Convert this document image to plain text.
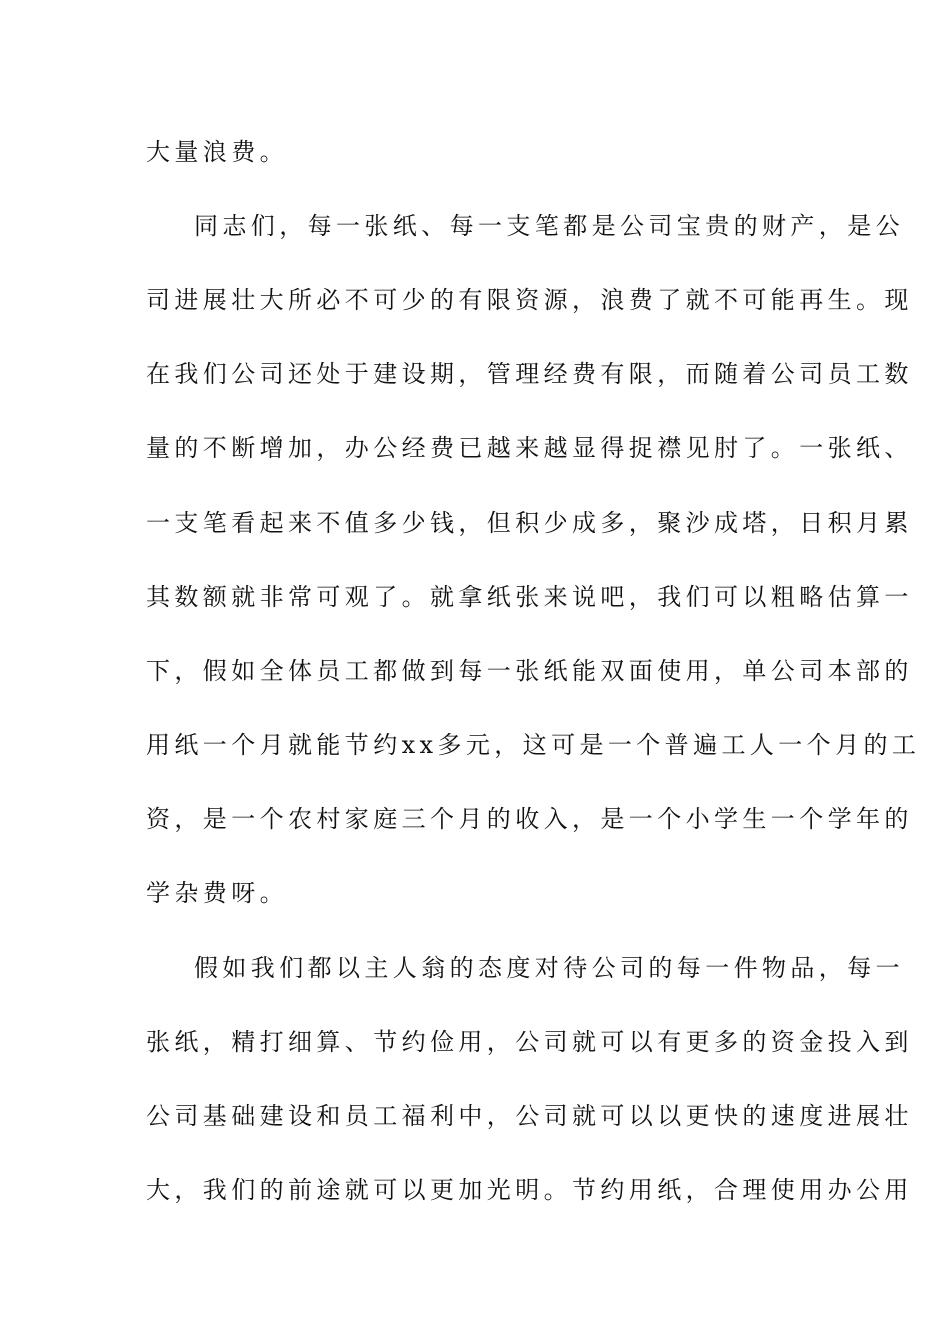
大量浪费。
同志们，每一张纸、每一支笔都是公司宝贵的财产，是公
司进展壮大所必不可少的有限资源，浪费了就不可能再生。现
在我们公司还处于建设期，管理经费有限，而随着公司员工数
量的不断增加，办公经费已越来越显得捉襟见肘了。一张纸、
一支笔看起来不值多少钱，但积少成多，聚沙成塔，日积月累
其数额就非常可观了。就拿纸张来说吧，我们可以粗略估算一
下，假如全体员工都做到每一张纸能双面使用，单公司本部的
用纸一个月就能节约xx多元，这可是一个普遍工人一个月的工
资，是一个农村家庭三个月的收入，是一个小学生一个学年的
学杂费呀。
假如我们都以主人翁的态度对待公司的每一件物品，每一
张纸，精打细算、节约俭用，公司就可以有更多的资金投入到
公司基础建设和员工福利中，公司就可以以更快的速度进展壮
大，我们的前途就可以更加光明。节约用纸，合理使用办公用
